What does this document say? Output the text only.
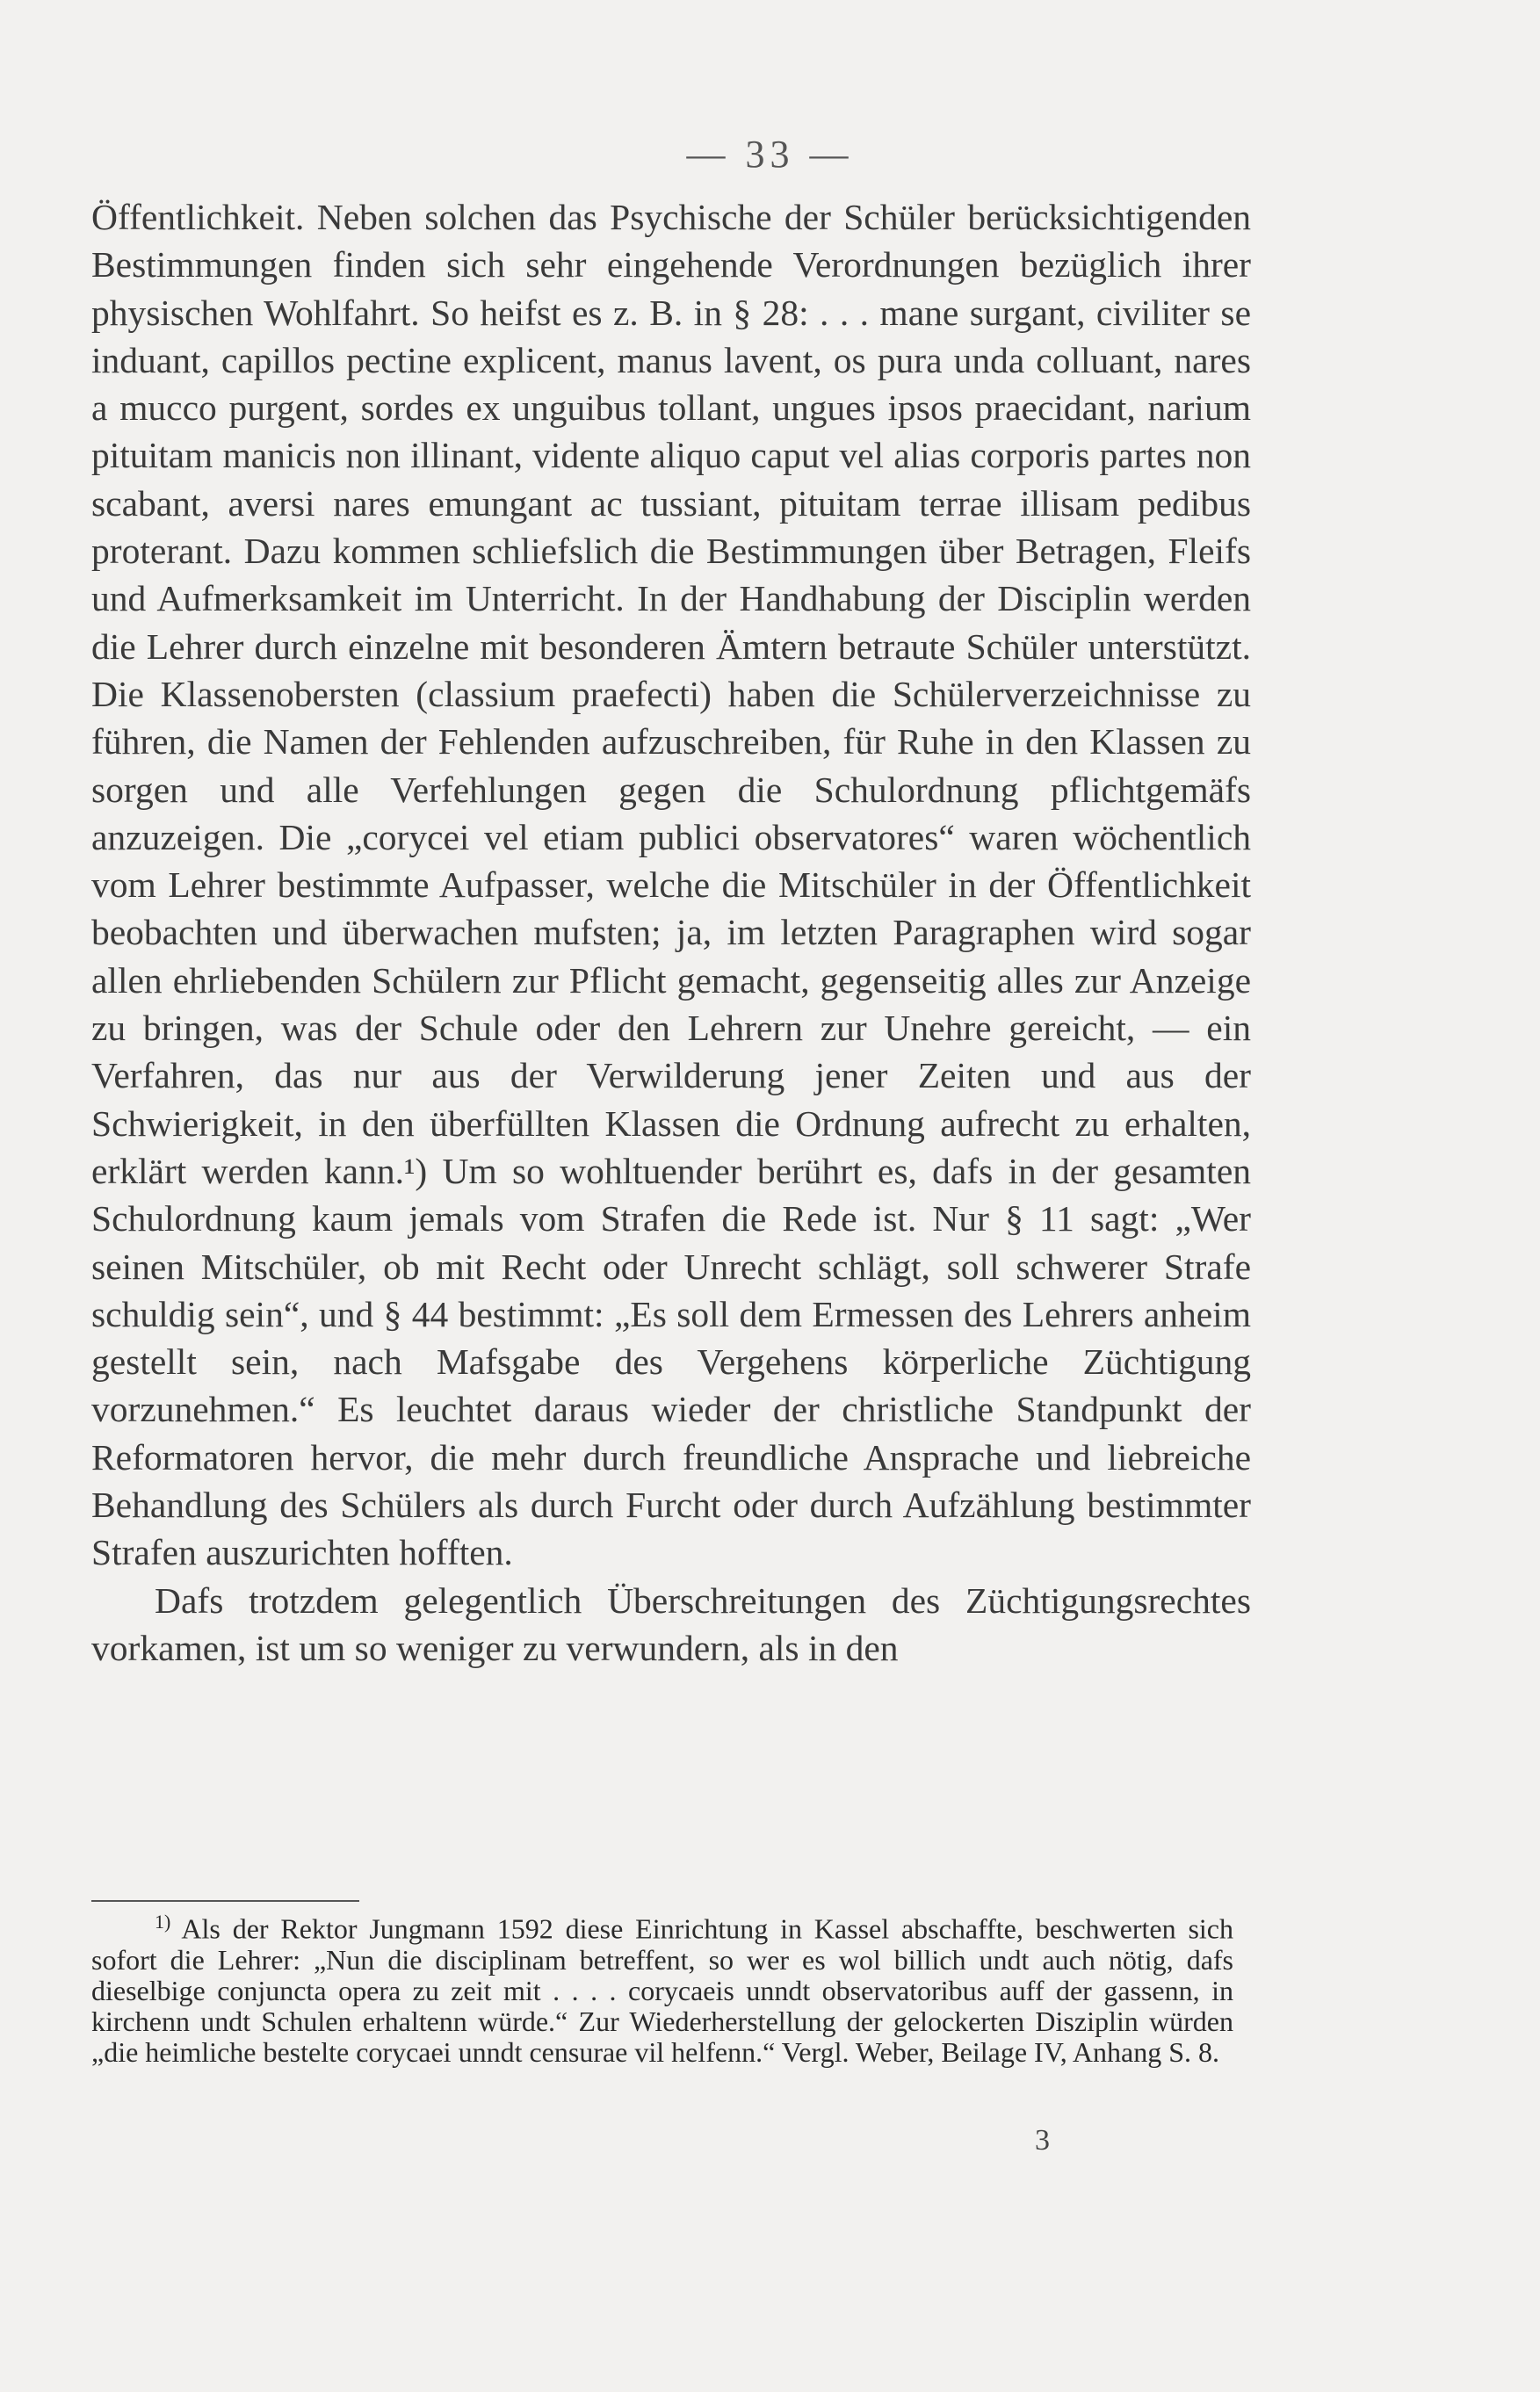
— 33 —

Öffentlichkeit. Neben solchen das Psychische der Schüler berücksichtigenden Bestimmungen finden sich sehr eingehende Verordnungen bezüglich ihrer physischen Wohlfahrt. So heifst es z. B. in § 28: . . . mane surgant, civiliter se induant, capillos pectine explicent, manus lavent, os pura unda colluant, nares a mucco purgent, sordes ex unguibus tollant, ungues ipsos praecidant, narium pituitam manicis non illinant, vidente aliquo caput vel alias corporis partes non scabant, aversi nares emungant ac tussiant, pituitam terrae illisam pedibus proterant. Dazu kommen schliefslich die Bestimmungen über Betragen, Fleifs und Aufmerksamkeit im Unterricht. In der Handhabung der Disciplin werden die Lehrer durch einzelne mit besonderen Ämtern betraute Schüler unterstützt. Die Klassenobersten (classium praefecti) haben die Schülerverzeichnisse zu führen, die Namen der Fehlenden aufzuschreiben, für Ruhe in den Klassen zu sorgen und alle Verfehlungen gegen die Schulordnung pflichtgemäfs anzuzeigen. Die „corycei vel etiam publici observatores“ waren wöchentlich vom Lehrer bestimmte Aufpasser, welche die Mitschüler in der Öffentlichkeit beobachten und überwachen mufsten; ja, im letzten Paragraphen wird sogar allen ehrliebenden Schülern zur Pflicht gemacht, gegenseitig alles zur Anzeige zu bringen, was der Schule oder den Lehrern zur Unehre gereicht, — ein Verfahren, das nur aus der Verwilderung jener Zeiten und aus der Schwierigkeit, in den überfüllten Klassen die Ordnung aufrecht zu erhalten, erklärt werden kann.¹) Um so wohltuender berührt es, dafs in der gesamten Schulordnung kaum jemals vom Strafen die Rede ist. Nur § 11 sagt: „Wer seinen Mitschüler, ob mit Recht oder Unrecht schlägt, soll schwerer Strafe schuldig sein“, und § 44 bestimmt: „Es soll dem Ermessen des Lehrers anheim gestellt sein, nach Mafsgabe des Vergehens körperliche Züchtigung vorzunehmen.“ Es leuchtet daraus wieder der christliche Standpunkt der Reformatoren hervor, die mehr durch freundliche Ansprache und liebreiche Behandlung des Schülers als durch Furcht oder durch Aufzählung bestimmter Strafen auszurichten hofften.

Dafs trotzdem gelegentlich Überschreitungen des Züchtigungsrechtes vorkamen, ist um so weniger zu verwundern, als in den

$^{1)}$ Als der Rektor Jungmann 1592 diese Einrichtung in Kassel abschaffte, beschwerten sich sofort die Lehrer: „Nun die disciplinam betreffent, so wer es wol billich undt auch nötig, dafs dieselbige conjuncta opera zu zeit mit . . . . corycaeis unndt observatoribus auff der gassenn, in kirchenn undt Schulen erhaltenn würde.“ Zur Wiederherstellung der gelockerten Disziplin würden „die heimliche bestelte corycaei unndt censurae vil helfenn.“ Vergl. Weber, Beilage IV, Anhang S. 8.
3
